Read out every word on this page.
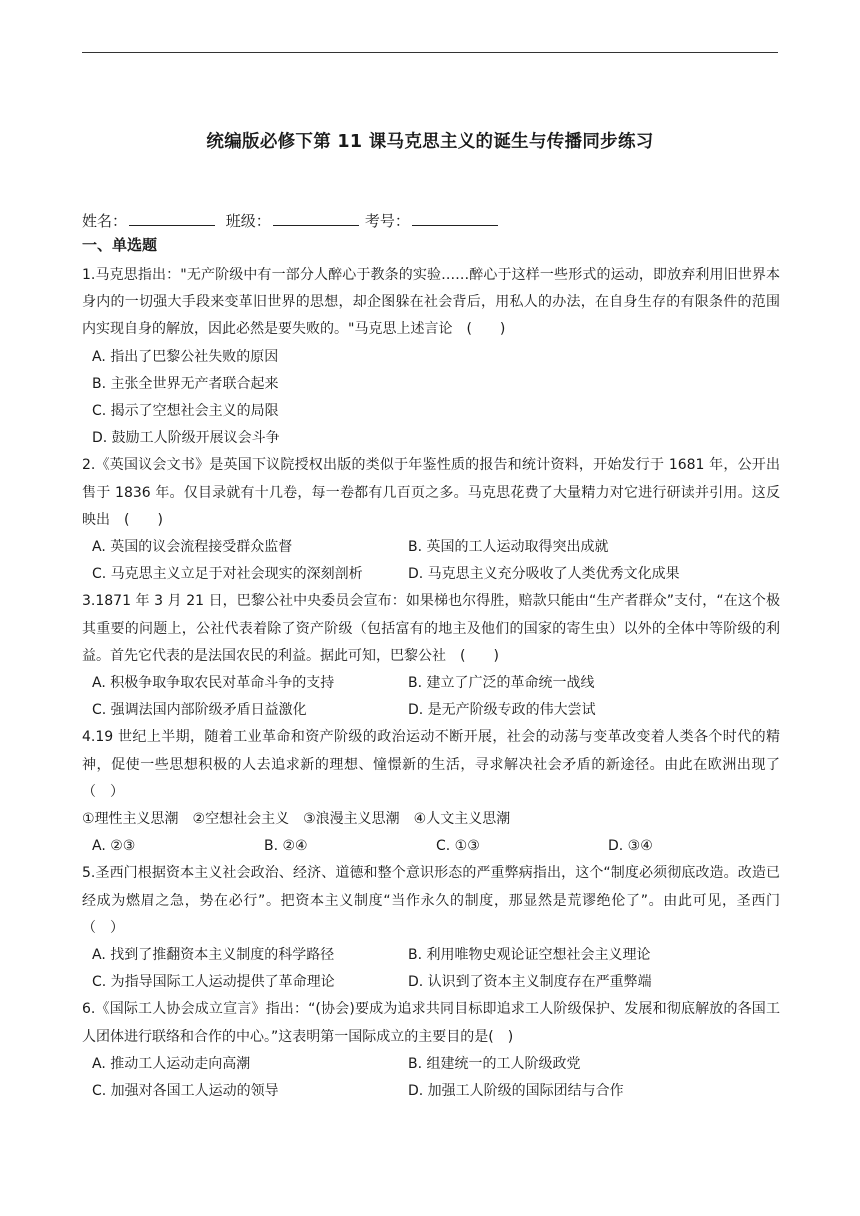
统编版必修下第 11 课马克思主义的诞生与传播同步练习
姓名：	班级：	考号：
一、单选题

1.马克思指出："无产阶级中有一部分人醉心于教条的实验……醉心于这样一些形式的运动，即放弃利用旧世界本身内的一切强大手段来变革旧世界的思想，却企图躲在社会背后，用私人的办法，在自身生存的有限条件的范围内实现自身的解放，因此必然是要失败的。"马克思上述言论　(　　)

A. 指出了巴黎公社失败的原因
B. 主张全世界无产者联合起来
C. 揭示了空想社会主义的局限
D. 鼓励工人阶级开展议会斗争

2.《英国议会文书》是英国下议院授权出版的类似于年鉴性质的报告和统计资料，开始发行于 1681 年，公开出售于 1836 年。仅目录就有十几卷，每一卷都有几百页之多。马克思花费了大量精力对它进行研读并引用。这反映出　(　　)

A. 英国的议会流程接受群众监督	B. 英国的工人运动取得突出成就
C. 马克思主义立足于对社会现实的深刻剖析	D. 马克思主义充分吸收了人类优秀文化成果

3.1871 年 3 月 21 日，巴黎公社中央委员会宣布：如果梯也尔得胜，赔款只能由“生产者群众”支付，“在这个极其重要的问题上，公社代表着除了资产阶级（包括富有的地主及他们的国家的寄生虫）以外的全体中等阶级的利益。首先它代表的是法国农民的利益。据此可知，巴黎公社　(　　)

A. 积极争取争取农民对革命斗争的支持	B. 建立了广泛的革命统一战线
C. 强调法国内部阶级矛盾日益激化	D. 是无产阶级专政的伟大尝试

4.19 世纪上半期，随着工业革命和资产阶级的政治运动不断开展，社会的动荡与变革改变着人类各个时代的精神，促使一些思想积极的人去追求新的理想、憧憬新的生活，寻求解决社会矛盾的新途径。由此在欧洲出现了（　）

①理性主义思潮　②空想社会主义　③浪漫主义思潮　④人文主义思潮
A. ②③	B. ②④	C. ①③	D. ③④

5.圣西门根据资本主义社会政治、经济、道德和整个意识形态的严重弊病指出，这个“制度必须彻底改造。改造已经成为燃眉之急，势在必行”。把资本主义制度“当作永久的制度，那显然是荒谬绝伦了”。由此可见，圣西门（　）

A. 找到了推翻资本主义制度的科学路径	B. 利用唯物史观论证空想社会主义理论
C. 为指导国际工人运动提供了革命理论	D. 认识到了资本主义制度存在严重弊端

6.《国际工人协会成立宣言》指出：“(协会)要成为追求共同目标即追求工人阶级保护、发展和彻底解放的各国工人团体进行联络和合作的中心。”这表明第一国际成立的主要目的是(　)

A. 推动工人运动走向高潮	B. 组建统一的工人阶级政党
C. 加强对各国工人运动的领导	D. 加强工人阶级的国际团结与合作
